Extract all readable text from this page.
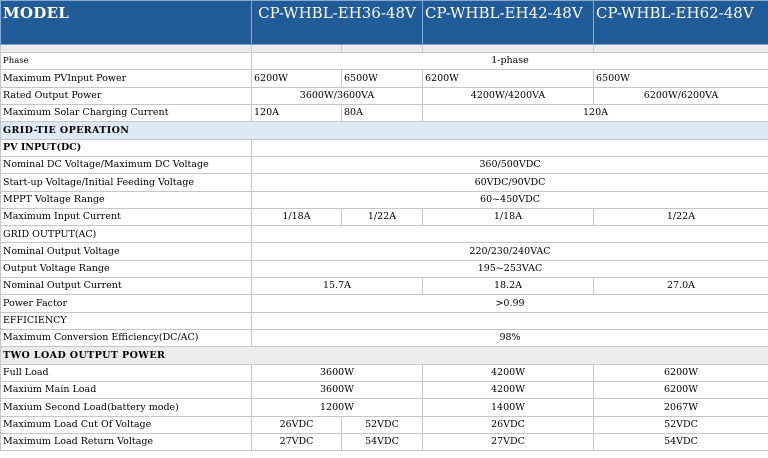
MODEL	CP-WHBL-EH36-48V		CP-WHBL-EH42-48V	CP-WHBL-EH62-48V

Phase	1-phase			
Maximum PVInput Power	6200W	6500W	6200W	6500W
Rated Output Power	3600W/3600VA		4200W/4200VA	6200W/6200VA
Maximum Solar Charging Current	120A	80A	120A	
GRID-TIE OPERATION				
PV INPUT(DC)				
Nominal DC Voltage/Maximum DC Voltage	360/500VDC			
Start-up Voltage/Initial Feeding Voltage	60VDC/90VDC			
MPPT Voltage Range	60~450VDC			
Maximum Input Current	1/18A	1/22A	1/18A	1/22A
GRID OUTPUT(AC)				
Nominal Output Voltage	220/230/240VAC			
Output Voltage Range	195~253VAC			
Nominal Output Current	15.7A		18.2A	27.0A
Power Factor	>0.99			
EFFICIENCY				
Maximum Conversion Efficiency(DC/AC)	98%			
TWO LOAD OUTPUT POWER				
Full Load	3600W		4200W	6200W
Maxium Main Load	3600W		4200W	6200W
Maxium Second Load(battery mode)	1200W		1400W	2067W
Maximum Load Cut Of Voltage	26VDC	52VDC	26VDC	52VDC
Maximum Load Return Voltage	27VDC	54VDC	27VDC	54VDC
